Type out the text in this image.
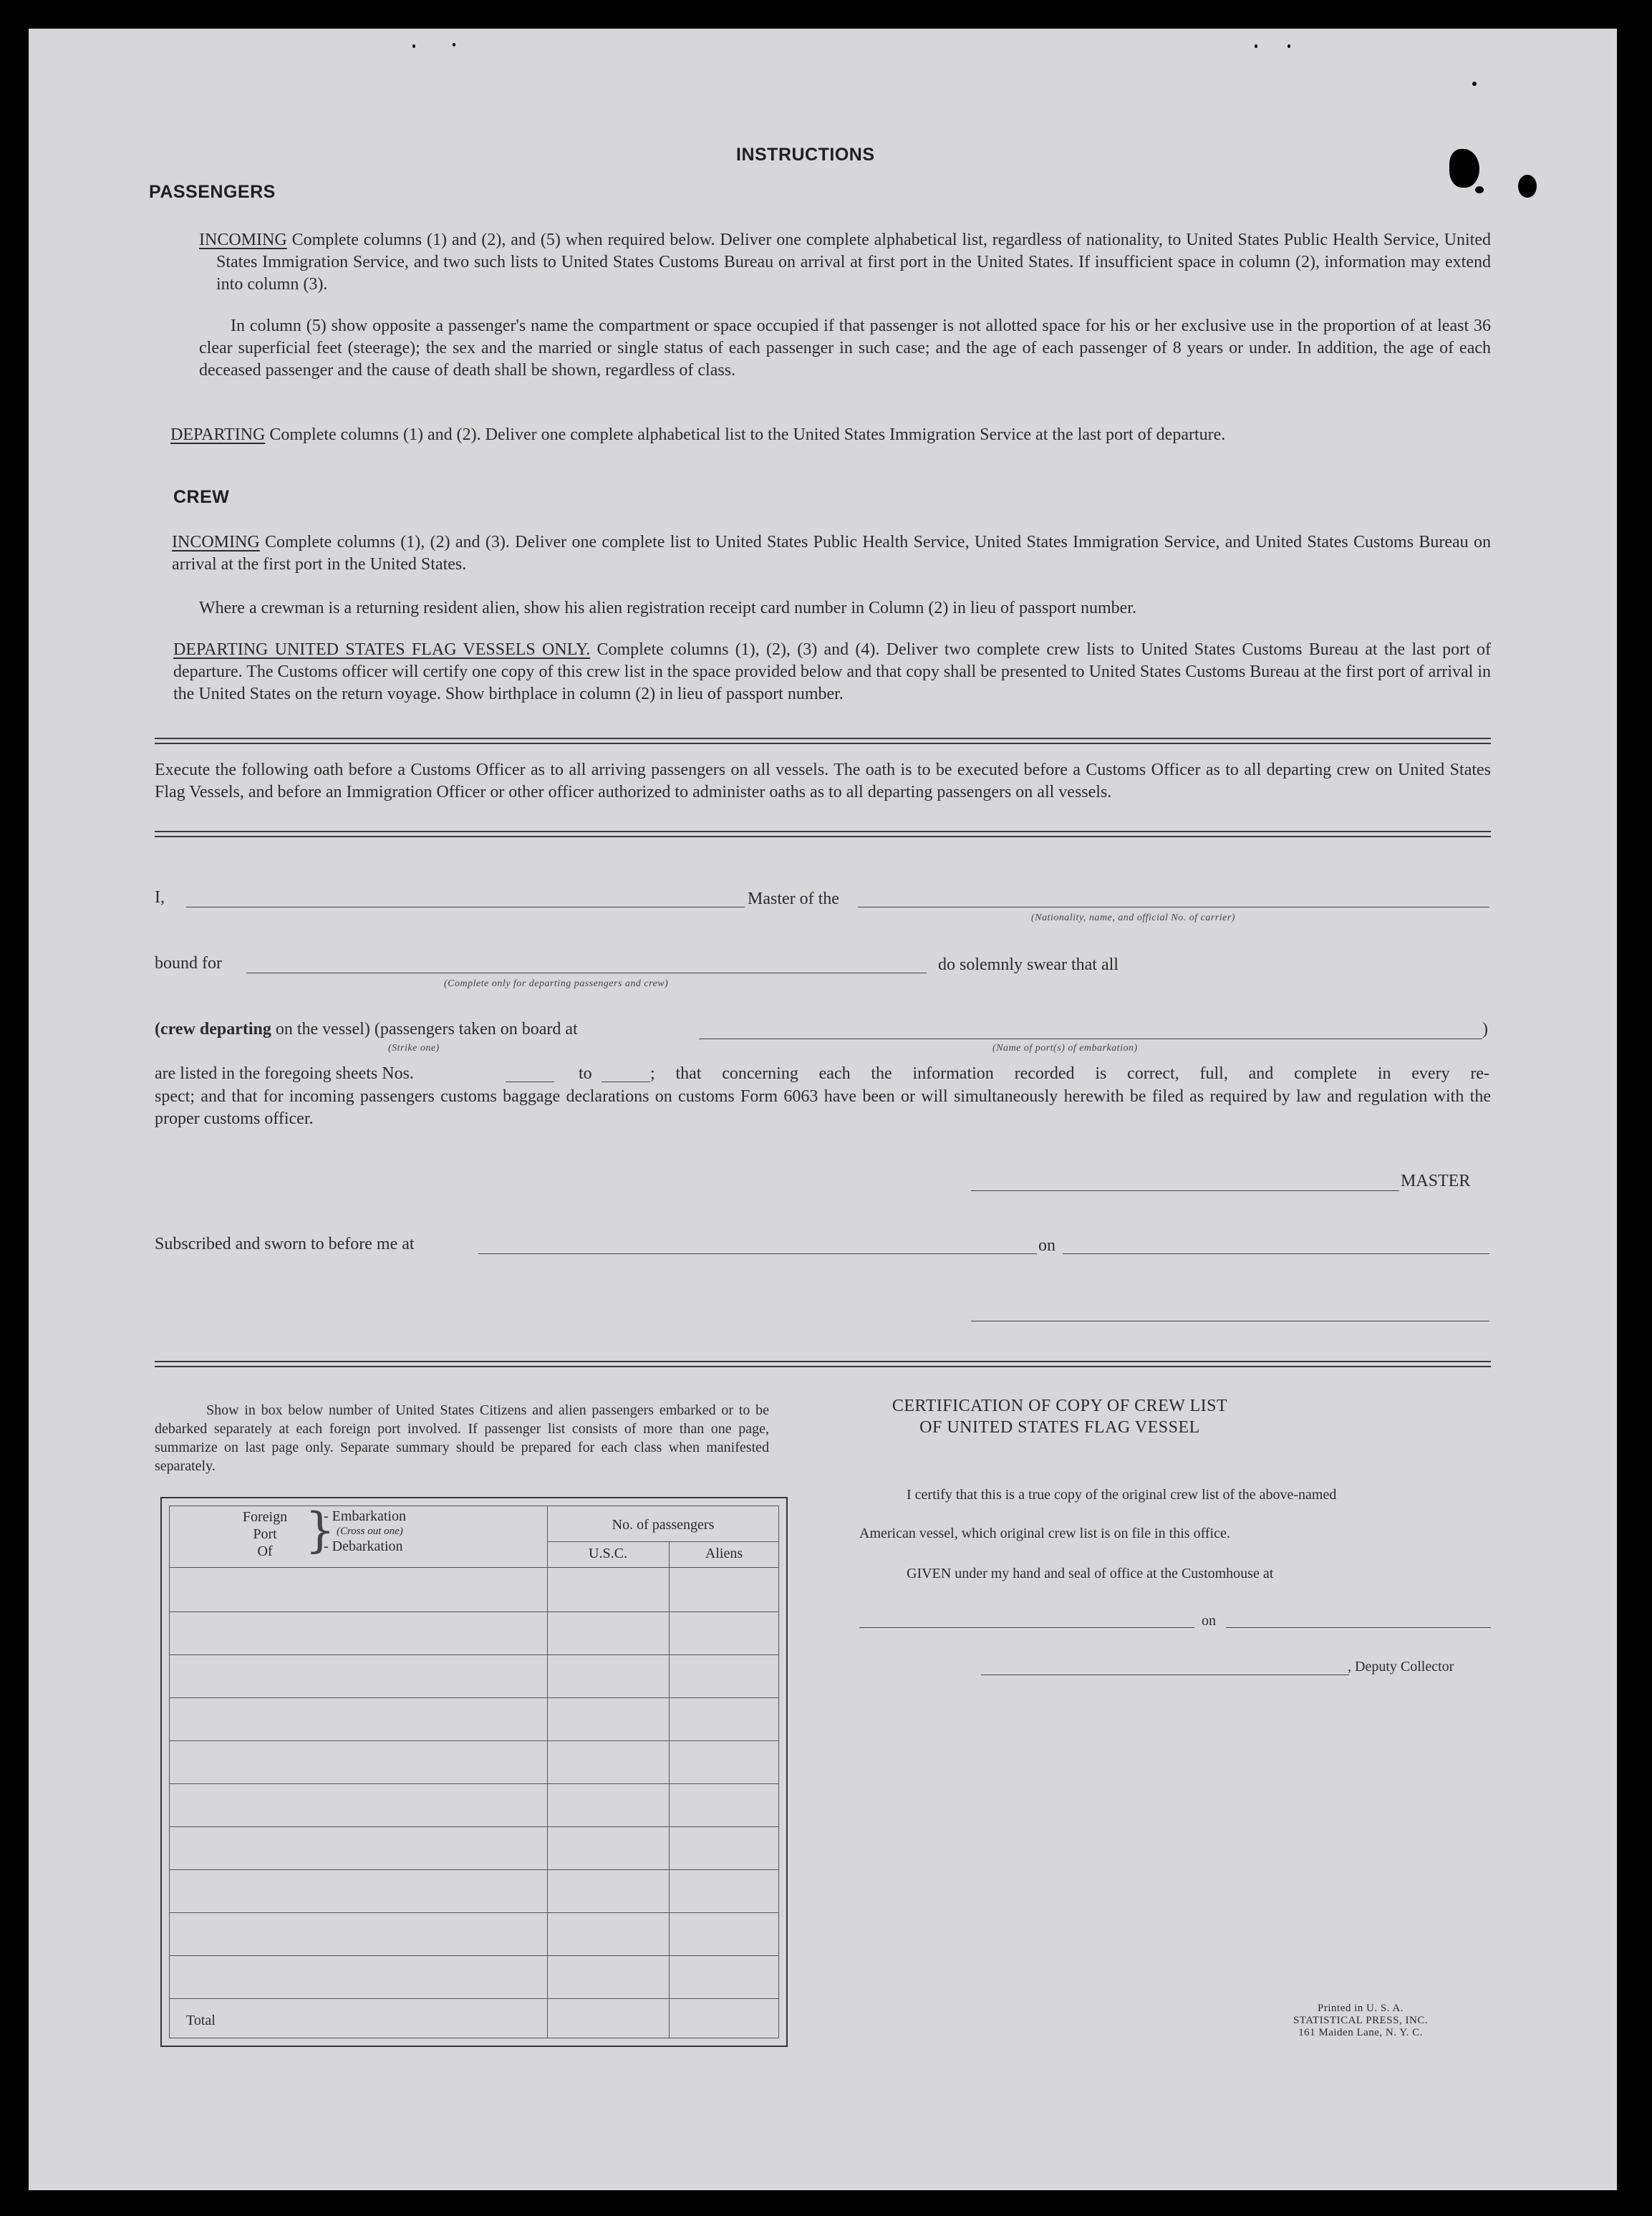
INSTRUCTIONS
PASSENGERS
INCOMING Complete columns (1) and (2), and (5) when required below. Deliver one complete alphabetical list, regardless of nationality, to United States Public Health Service, United States Immigration Service, and two such lists to United States Customs Bureau on arrival at first port in the United States. If insufficient space in column (2), information may extend into column (3).
In column (5) show opposite a passenger's name the compartment or space occupied if that passenger is not allotted space for his or her exclusive use in the proportion of at least 36 clear superficial feet (steerage); the sex and the married or single status of each passenger in such case; and the age of each passenger of 8 years or under. In addition, the age of each deceased passenger and the cause of death shall be shown, regardless of class.
DEPARTING Complete columns (1) and (2). Deliver one complete alphabetical list to the United States Immigration Service at the last port of departure.
CREW
INCOMING Complete columns (1), (2) and (3). Deliver one complete list to United States Public Health Service, United States Immigration Service, and United States Customs Bureau on arrival at the first port in the United States.
Where a crewman is a returning resident alien, show his alien registration receipt card number in Column (2) in lieu of passport number.
DEPARTING UNITED STATES FLAG VESSELS ONLY. Complete columns (1), (2), (3) and (4). Deliver two complete crew lists to United States Customs Bureau at the last port of departure. The Customs officer will certify one copy of this crew list in the space provided below and that copy shall be presented to United States Customs Bureau at the first port of arrival in the United States on the return voyage. Show birthplace in column (2) in lieu of passport number.
Execute the following oath before a Customs Officer as to all arriving passengers on all vessels. The oath is to be executed before a Customs Officer as to all departing crew on United States Flag Vessels, and before an Immigration Officer or other officer authorized to administer oaths as to all departing passengers on all vessels.
I,	Master of the
(Nationality, name, and official No. of carrier)
bound for
(Complete only for departing passengers and crew)
do solemnly swear that all
(crew departing on the vessel) (passengers taken on board at	)
(Strike one)	(Name of port(s) of embarkation)
are listed in the foregoing sheets Nos.	to	; that concerning each the information recorded is correct, full, and complete in every re-
spect; and that for incoming passengers customs baggage declarations on customs Form 6063 have been or will simultaneously herewith be filed as required by law and regulation with the proper customs officer.
MASTER
Subscribed and sworn to before me at	on
Show in box below number of United States Citizens and alien passengers embarked or to be debarked separately at each foreign port involved. If passenger list consists of more than one page, summarize on last page only. Separate summary should be prepared for each class when manifested separately.
Foreign
Port
Of }
- Embarkation
(Cross out one)
- Debarkation
No. of passengers
U.S.C.	Aliens
Total
CERTIFICATION OF COPY OF CREW LIST
OF UNITED STATES FLAG VESSEL
I certify that this is a true copy of the original crew list of the above-named
American vessel, which original crew list is on file in this office.
GIVEN under my hand and seal of office at the Customhouse at
on
, Deputy Collector
Printed in U. S. A.
STATISTICAL PRESS, INC.
161 Maiden Lane, N. Y. C.
